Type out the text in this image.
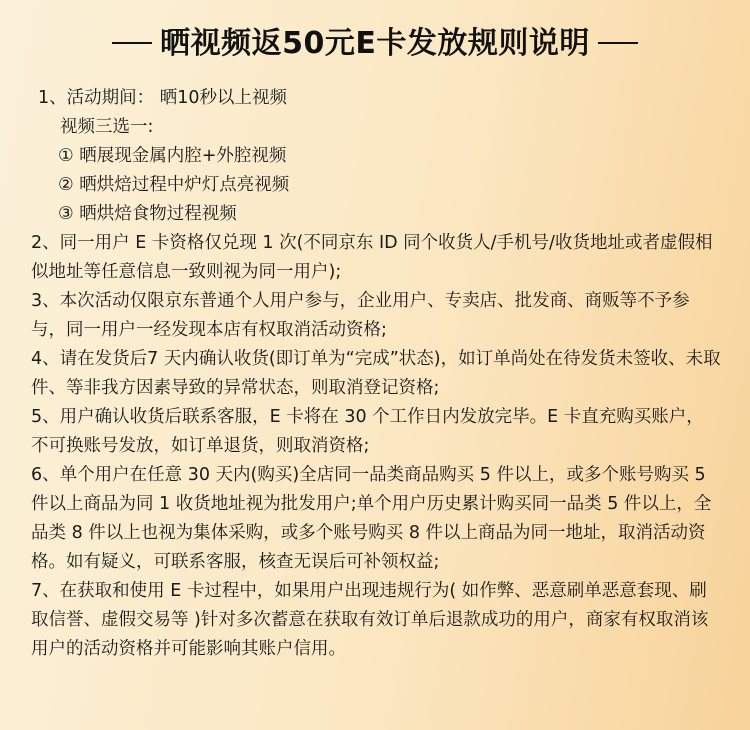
晒视频返50元E卡发放规则说明
1、活动期间： 晒10秒以上视频
视频三选一:
① 晒展现金属内腔+外腔视频
② 晒烘焙过程中炉灯点亮视频
③ 晒烘焙食物过程视频
2、同一用户 E 卡资格仅兑现 1 次(不同京东 ID 同个收货人/手机号/收货地址或者虚假相似地址等任意信息一致则视为同一用户);
3、本次活动仅限京东普通个人用户参与，企业用户、专卖店、批发商、商贩等不予参与，同一用户一经发现本店有权取消活动资格;
4、请在发货后7 天内确认收货(即订单为“完成”状态)，如订单尚处在待发货未签收、未取件、等非我方因素导致的异常状态，则取消登记资格;
5、用户确认收货后联系客服，E 卡将在 30 个工作日内发放完毕。E 卡直充购买账户，不可换账号发放，如订单退货，则取消资格;
6、单个用户在任意 30 天内(购买)全店同一品类商品购买 5 件以上，或多个账号购买 5 件以上商品为同 1 收货地址视为批发用户;单个用户历史累计购买同一品类 5 件以上，全品类 8 件以上也视为集体采购，或多个账号购买 8 件以上商品为同一地址，取消活动资格。如有疑义，可联系客服，核查无误后可补领权益;
7、在获取和使用 E 卡过程中，如果用户出现违规行为( 如作弊、恶意刷单恶意套现、刷取信誉、虚假交易等 )针对多次蓄意在获取有效订单后退款成功的用户，商家有权取消该用户的活动资格并可能影响其账户信用。
